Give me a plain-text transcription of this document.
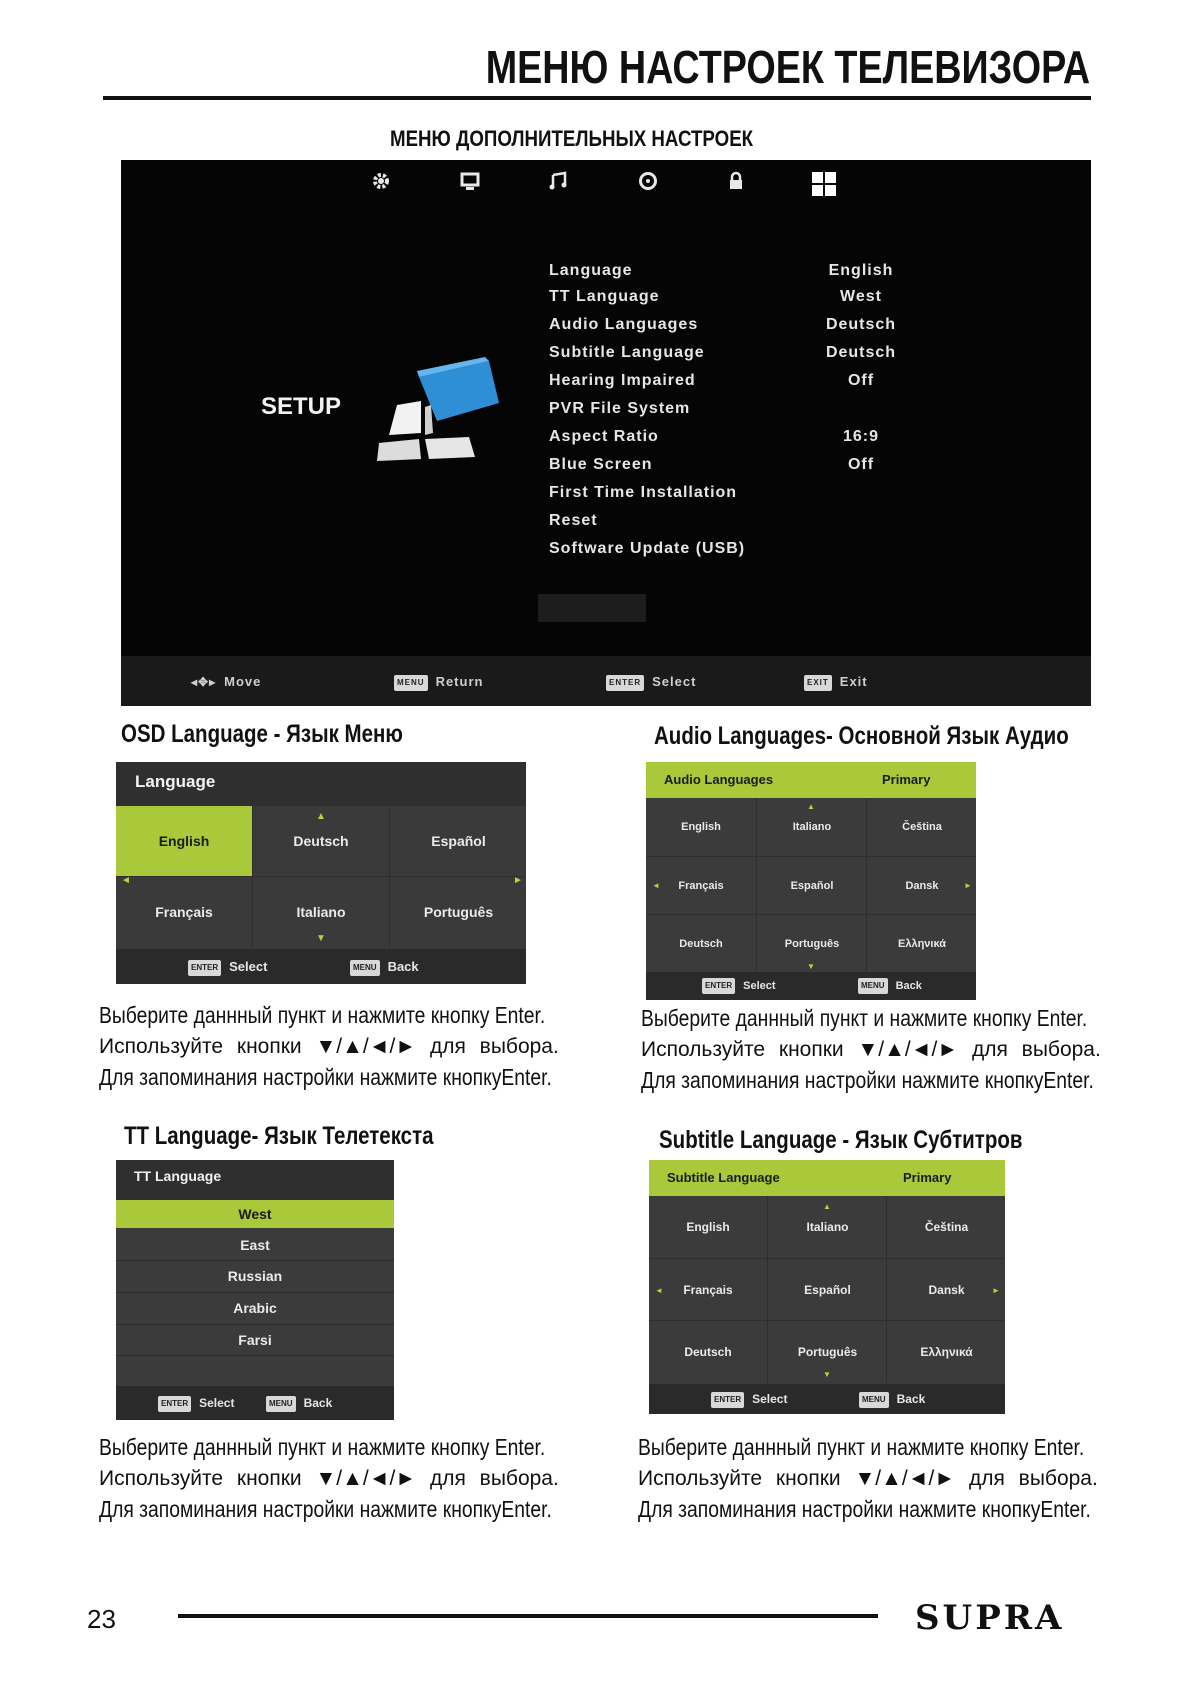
МЕНЮ НАСТРОЕК ТЕЛЕВИЗОРА
МЕНЮ ДОПОЛНИТЕЛЬНЫХ НАСТРОЕК
SETUP
Language	English
TT Language	West
Audio Languages	Deutsch
Subtitle Language	Deutsch
Hearing Impaired	Off
PVR File System
Aspect Ratio	16:9
Blue Screen	Off
First Time Installation
Reset
Software Update (USB)
◂✥▸ Move	MENU Return	ENTER Select	EXIT Exit
OSD Language - Язык Меню
Language
English	Deutsch	Español
Français	Italiano	Português
▲
▼
◄	►
ENTER Select	MENU Back
Выберите даннный пункт и нажмите кнопку Enter.
Используйте кнопки ▼/▲/◄/► для выбора.
Для запоминания настройки нажмите кнопкуEnter.
Audio Languages- Основной Язык Аудио
Audio Languages	Primary
English	Italiano	Čeština
Français	Español	Dansk
Deutsch	Português	Ελληνικά
▲
▼
◄	►
ENTER Select	MENU Back
Выберите даннный пункт и нажмите кнопку Enter.
Используйте кнопки ▼/▲/◄/► для выбора.
Для запоминания настройки нажмите кнопкуEnter.
TT Language- Язык Телетекста
TT Language
West
East
Russian
Arabic
Farsi
ENTER Select	MENU Back
Выберите даннный пункт и нажмите кнопку Enter.
Используйте кнопки ▼/▲/◄/► для выбора.
Для запоминания настройки нажмите кнопкуEnter.
Subtitle Language - Язык Субтитров
Subtitle Language	Primary
English	Italiano	Čeština
Français	Español	Dansk
Deutsch	Português	Ελληνικά
▲
▼
◄	►
ENTER Select	MENU Back
Выберите даннный пункт и нажмите кнопку Enter.
Используйте кнопки ▼/▲/◄/► для выбора.
Для запоминания настройки нажмите кнопкуEnter.
23	SUPRA
